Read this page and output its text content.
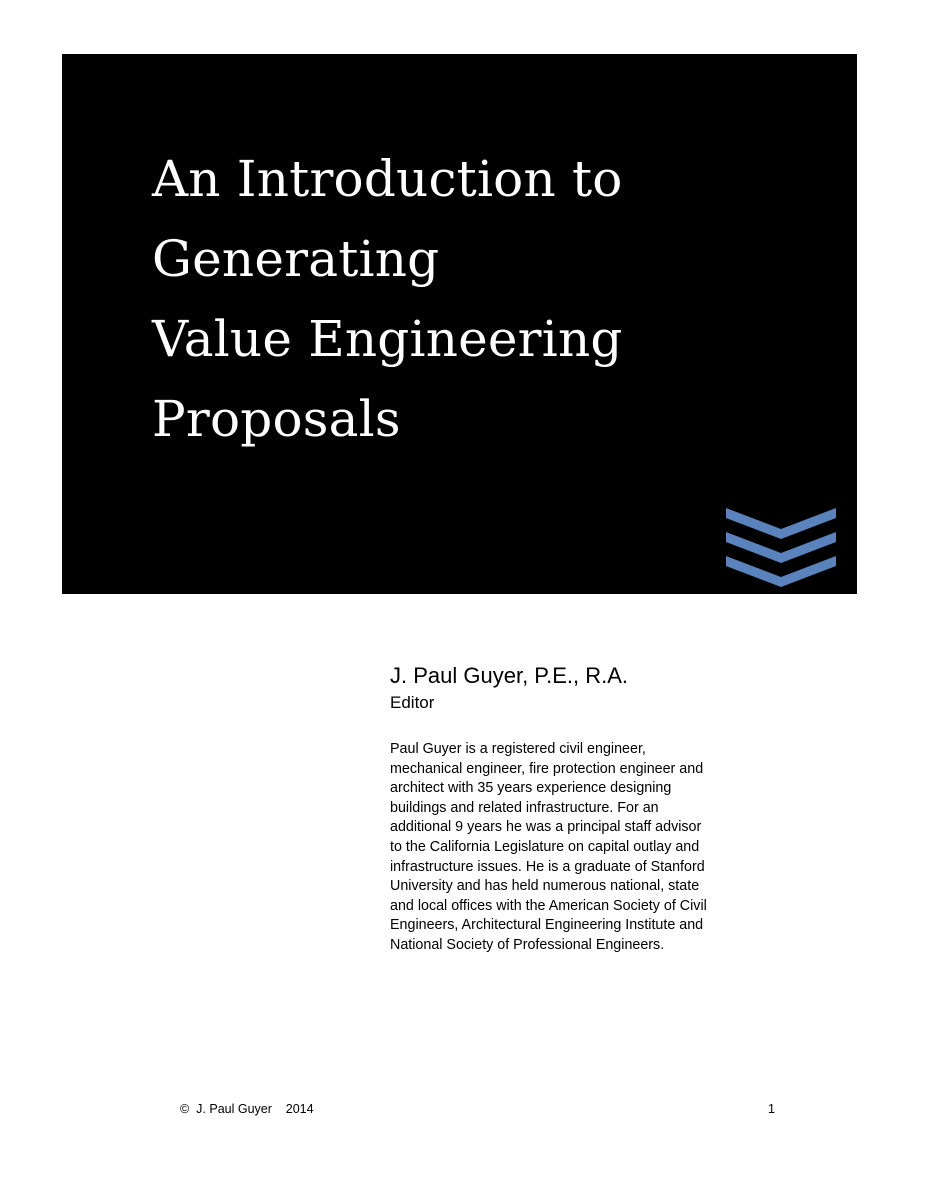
An Introduction to
Generating
Value Engineering
Proposals
J. Paul Guyer, P.E., R.A.
Editor
Paul Guyer is a registered civil engineer,
mechanical engineer, fire protection engineer and
architect with 35 years experience designing
buildings and related infrastructure. For an
additional 9 years he was a principal staff advisor
to the California Legislature on capital outlay and
infrastructure issues. He is a graduate of Stanford
University and has held numerous national, state
and local offices with the American Society of Civil
Engineers, Architectural Engineering Institute and
National Society of Professional Engineers.
©  J. Paul Guyer    2014	1
